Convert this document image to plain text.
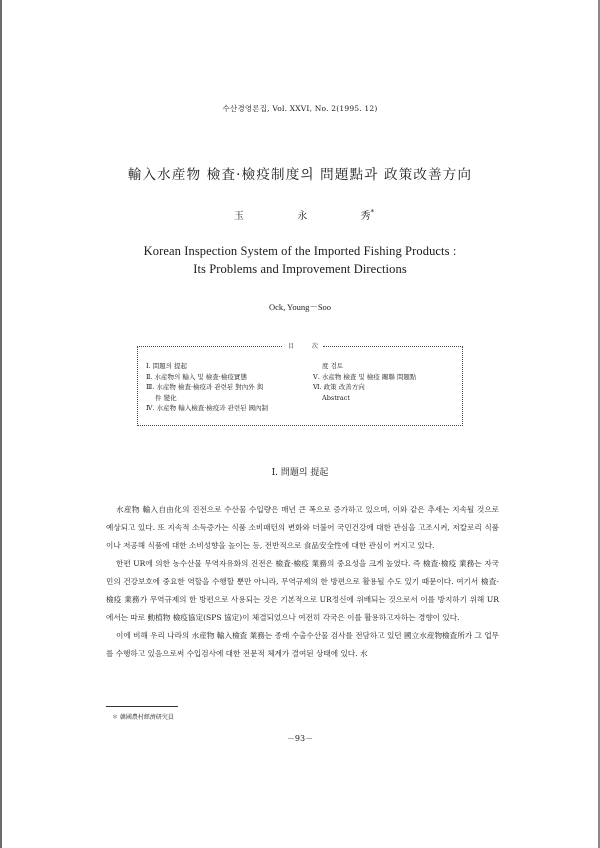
수산경영론집, Vol. XXVI, No. 2(1995. 12)
輸入水産物 檢査·檢疫制度의 問題點과 政策改善方向
玉	永	秀*
Korean Inspection System of the Imported Fishing Products :
Its Problems and Improvement Directions
Ock, Young－Soo
目	次
Ⅰ. 問題의 提起
Ⅱ. 水産物의 輸入 및 檢査·檢疫實態
Ⅲ. 水産物 檢査·檢疫과 관련된 對內外 與
件 變化
Ⅳ. 水産物 輸入檢査·檢疫과 관련된 國內制
度 검토
Ⅴ. 水産物 檢査 및 檢疫 關聯 問題點
Ⅵ. 政策 改善方向
Abstract
Ⅰ. 問題의 提起

水産物 輸入自由化의 진전으로 수산물 수입량은 매년 큰 폭으로 증가하고 있으며, 이와 같은 추세는 지속될 것으로 예상되고 있다. 또 지속적 소득증가는 식품 소비패턴의 변화와 더불어 국민건강에 대한 관심을 고조시켜, 저칼로리 식품이나 저공해 식품에 대한 소비성향을 높이는 등, 전반적으로 食品安全性에 대한 관심이 커지고 있다.

한편 UR에 의한 농수산물 무역자유화의 진전은 檢査·檢疫 業務의 중요성을 크게 높였다. 즉 檢査·檢疫 業務는 자국민의 건강보호에 중요한 역할을 수행할 뿐만 아니라, 무역규제의 한 방편으로 활용될 수도 있기 때문이다. 여기서 檢査·檢疫 業務가 무역규제의 한 방편으로 사용되는 것은 기본적으로 UR정신에 위배되는 것으로서 이를 방지하기 위해 UR에서는 따로 動植物 檢疫協定(SPS 協定)이 체결되었으나 여전히 각국은 이를 활용하고자하는 경향이 있다.

이에 비해 우리 나라의 水産物 輸入檢査 業務는 종래 수출수산물 검사를 전담하고 있던 國立水産物檢査所가 그 업무를 수행하고 있음으로써 수입검사에 대한 전문적 체계가 결여된 상태에 있다. 水

＊ 韓國農村經濟研究員
－93－
